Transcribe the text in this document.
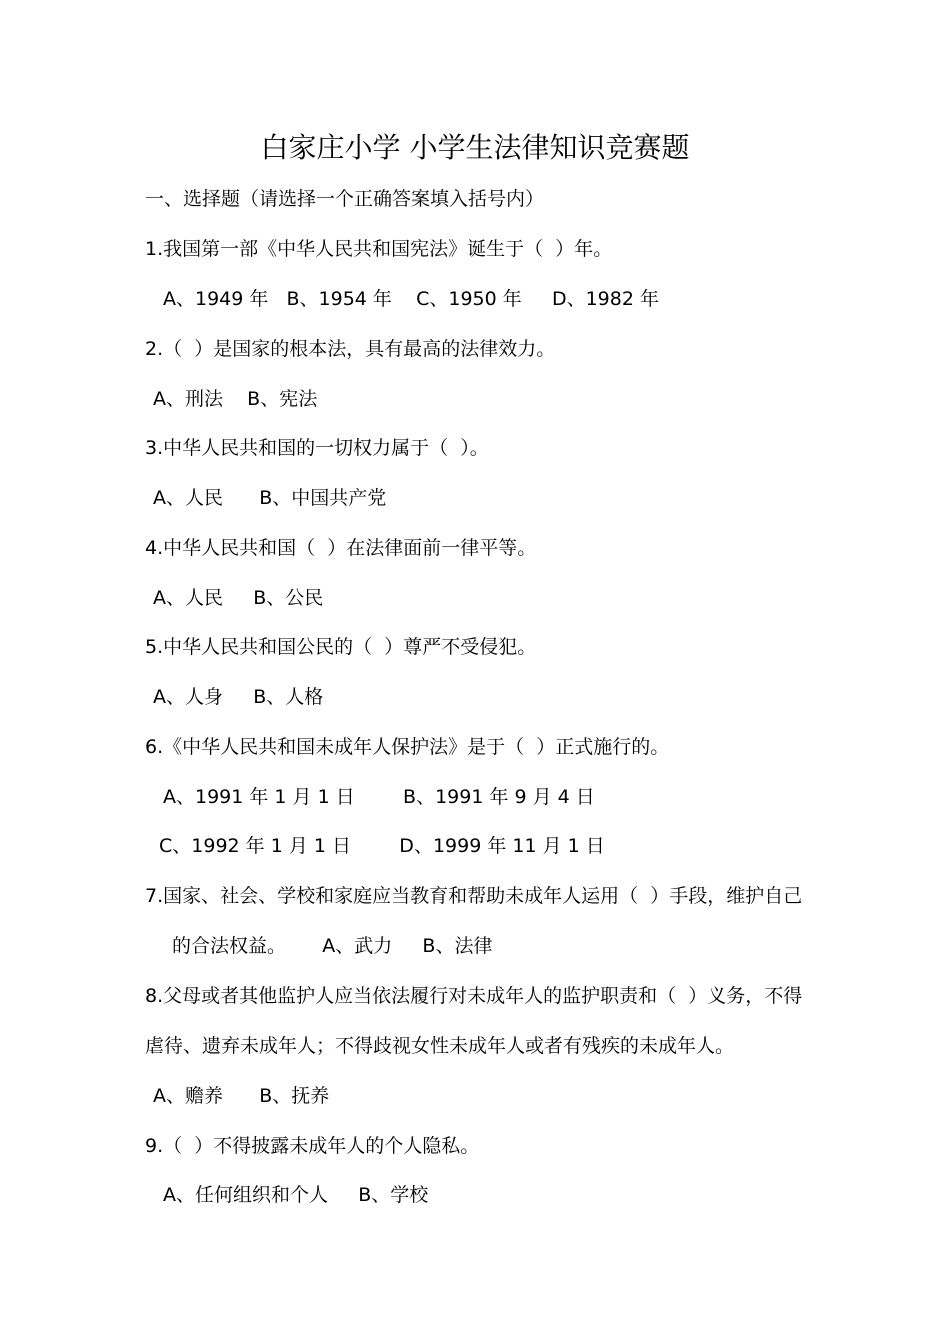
白家庄小学 小学生法律知识竞赛题

一、选择题（请选择一个正确答案填入括号内）

1.我国第一部《中华人民共和国宪法》诞生于（  ）年。

A、1949 年   B、1954 年    C、1950 年     D、1982 年

2.（  ）是国家的根本法，具有最高的法律效力。

A、刑法    B、宪法

3.中华人民共和国的一切权力属于（  ）。

A、人民      B、中国共产党

4.中华人民共和国（  ）在法律面前一律平等。

A、人民     B、公民

5.中华人民共和国公民的（  ）尊严不受侵犯。

A、人身     B、人格

6.《中华人民共和国未成年人保护法》是于（  ）正式施行的。

A、1991 年 1 月 1 日        B、1991 年 9 月 4 日

C、1992 年 1 月 1 日        D、1999 年 11 月 1 日

7.国家、社会、学校和家庭应当教育和帮助未成年人运用（  ）手段，维护自己

的合法权益。      A、武力     B、法律

8.父母或者其他监护人应当依法履行对未成年人的监护职责和（  ）义务，不得

虐待、遗弃未成年人；不得歧视女性未成年人或者有残疾的未成年人。

A、赡养      B、抚养

9.（  ）不得披露未成年人的个人隐私。

A、任何组织和个人     B、学校
